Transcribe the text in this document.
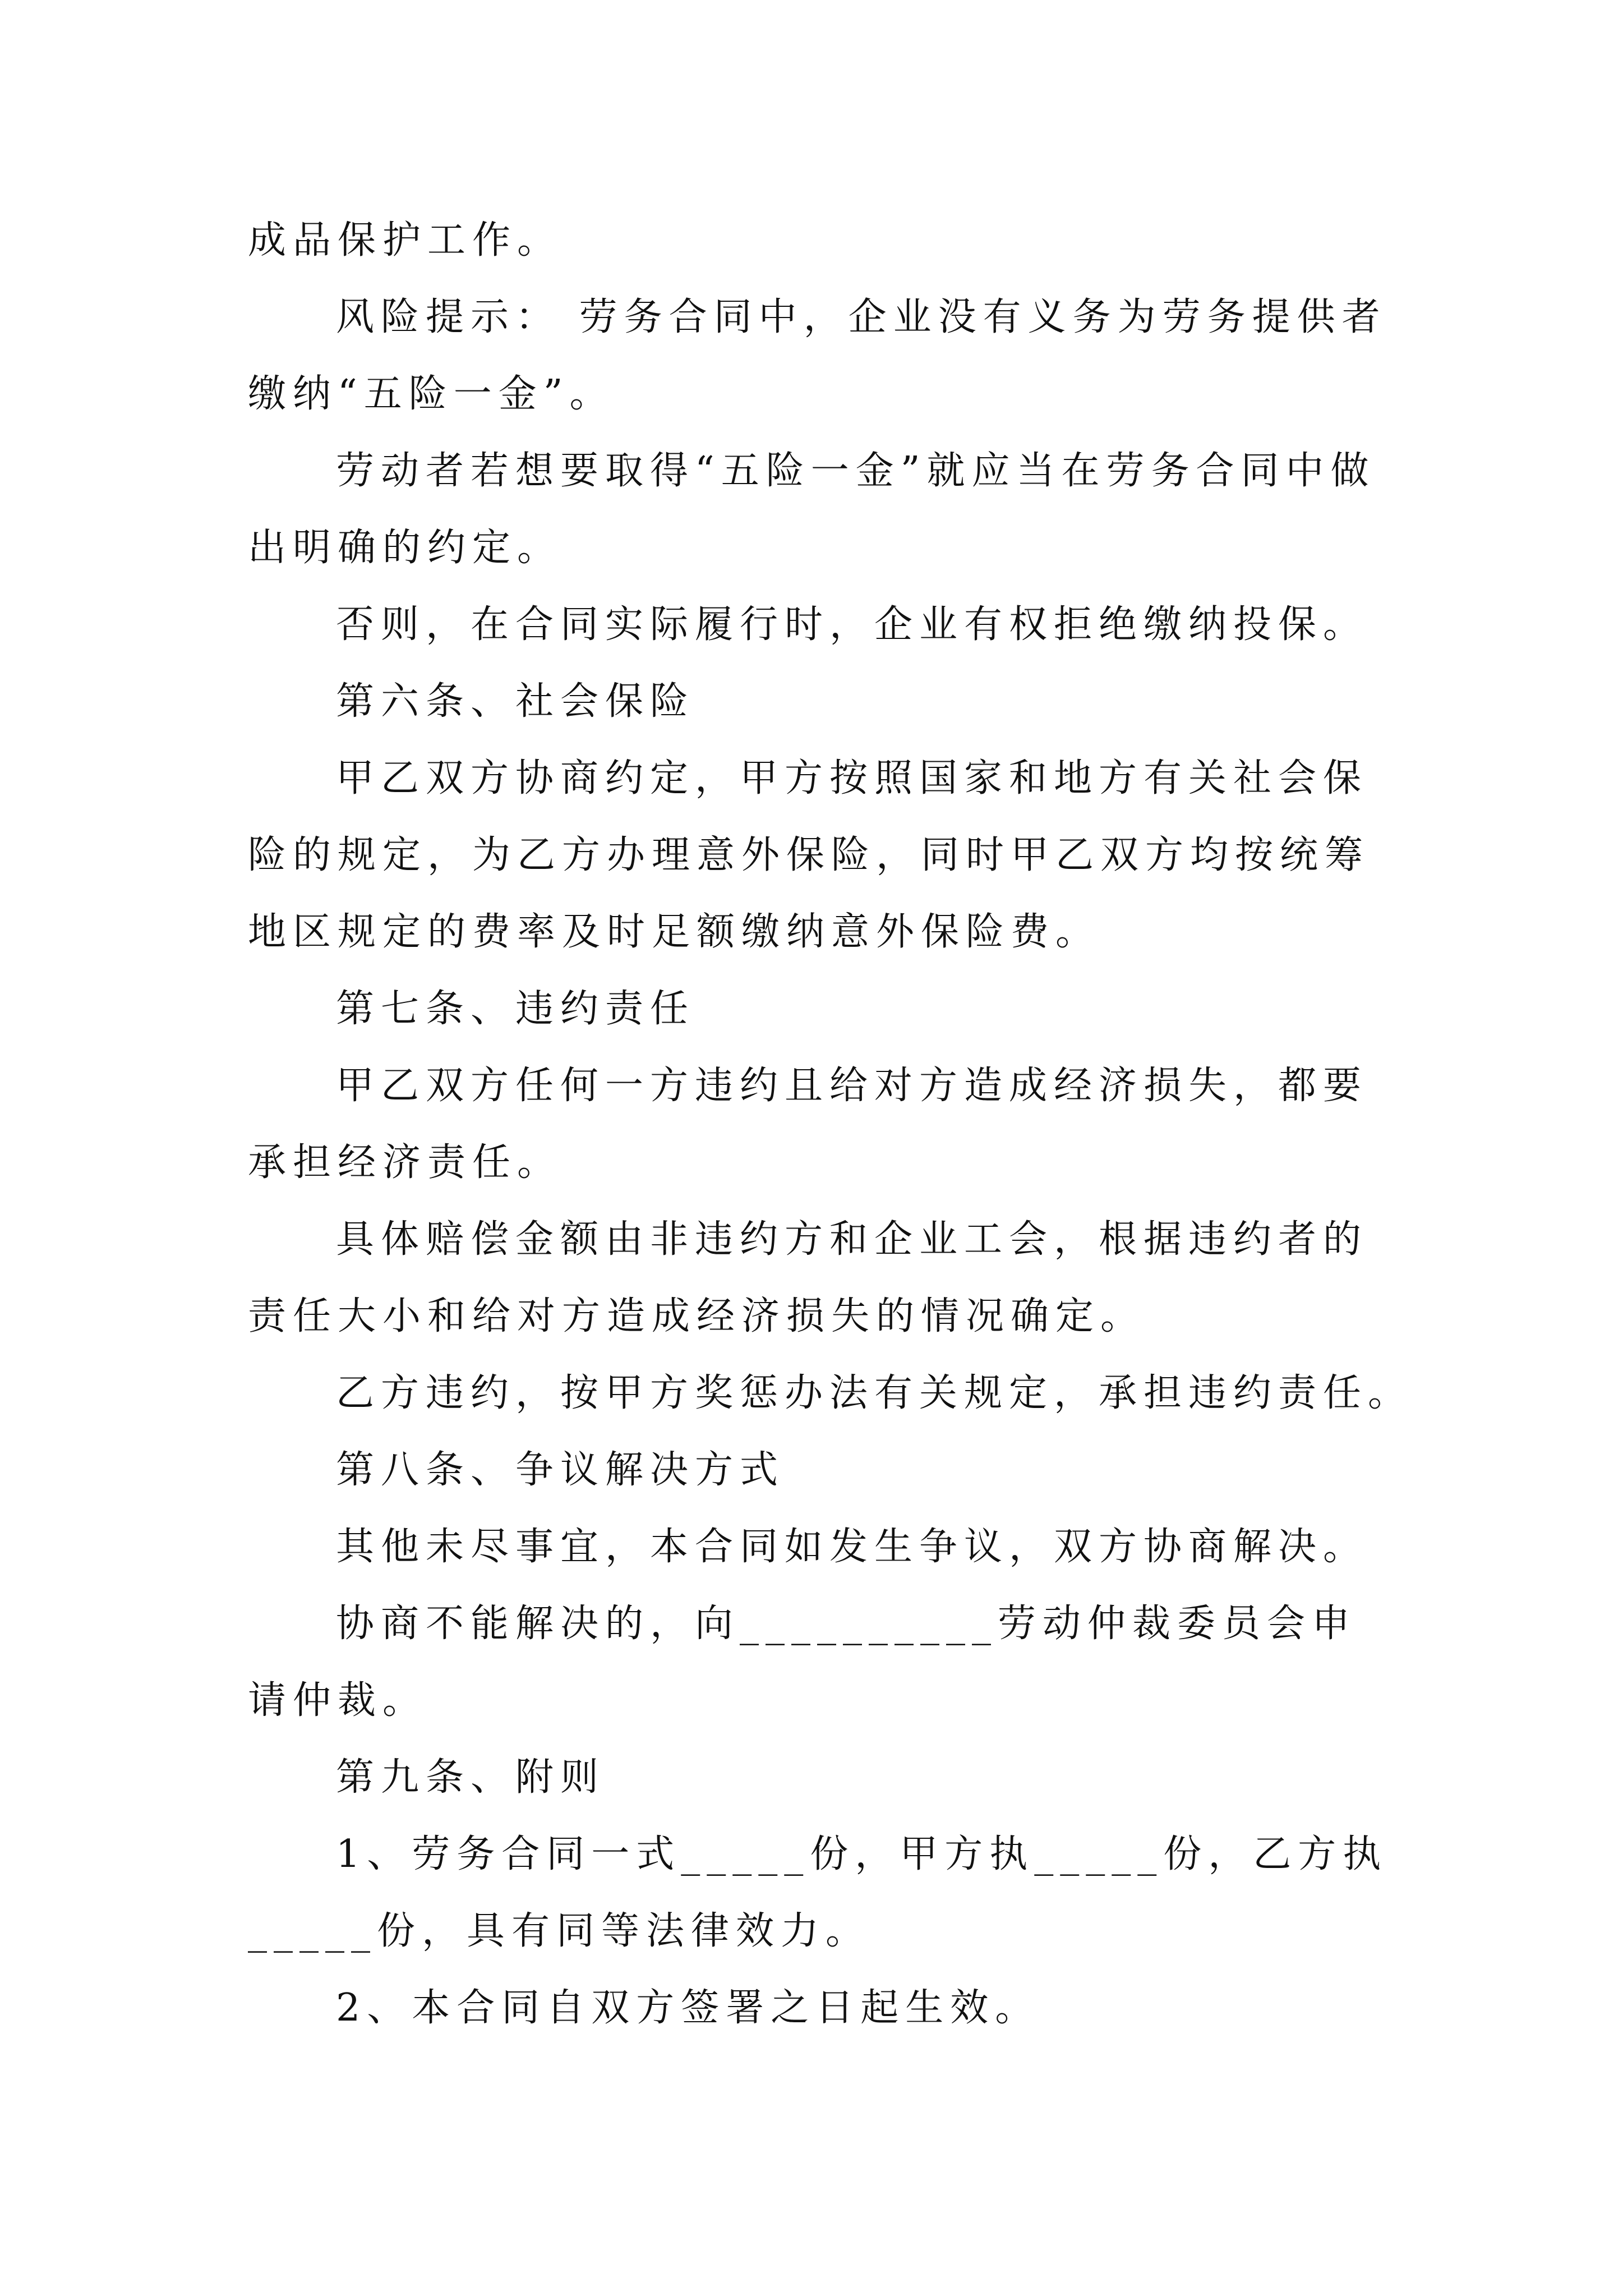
成品保护工作。

风险提示： 劳务合同中，企业没有义务为劳务提供者缴纳“五险一金”。

劳动者若想要取得“五险一金”就应当在劳务合同中做出明确的约定。

否则，在合同实际履行时，企业有权拒绝缴纳投保。

第六条、社会保险

甲乙双方协商约定，甲方按照国家和地方有关社会保险的规定，为乙方办理意外保险，同时甲乙双方均按统筹地区规定的费率及时足额缴纳意外保险费。

第七条、违约责任

甲乙双方任何一方违约且给对方造成经济损失，都要承担经济责任。

具体赔偿金额由非违约方和企业工会，根据违约者的责任大小和给对方造成经济损失的情况确定。

乙方违约，按甲方奖惩办法有关规定，承担违约责任。

第八条、争议解决方式

其他未尽事宜，本合同如发生争议，双方协商解决。

协商不能解决的，向__________劳动仲裁委员会申请仲裁。

第九条、附则

1、劳务合同一式_____份，甲方执_____份，乙方执_____份，具有同等法律效力。

2、本合同自双方签署之日起生效。
